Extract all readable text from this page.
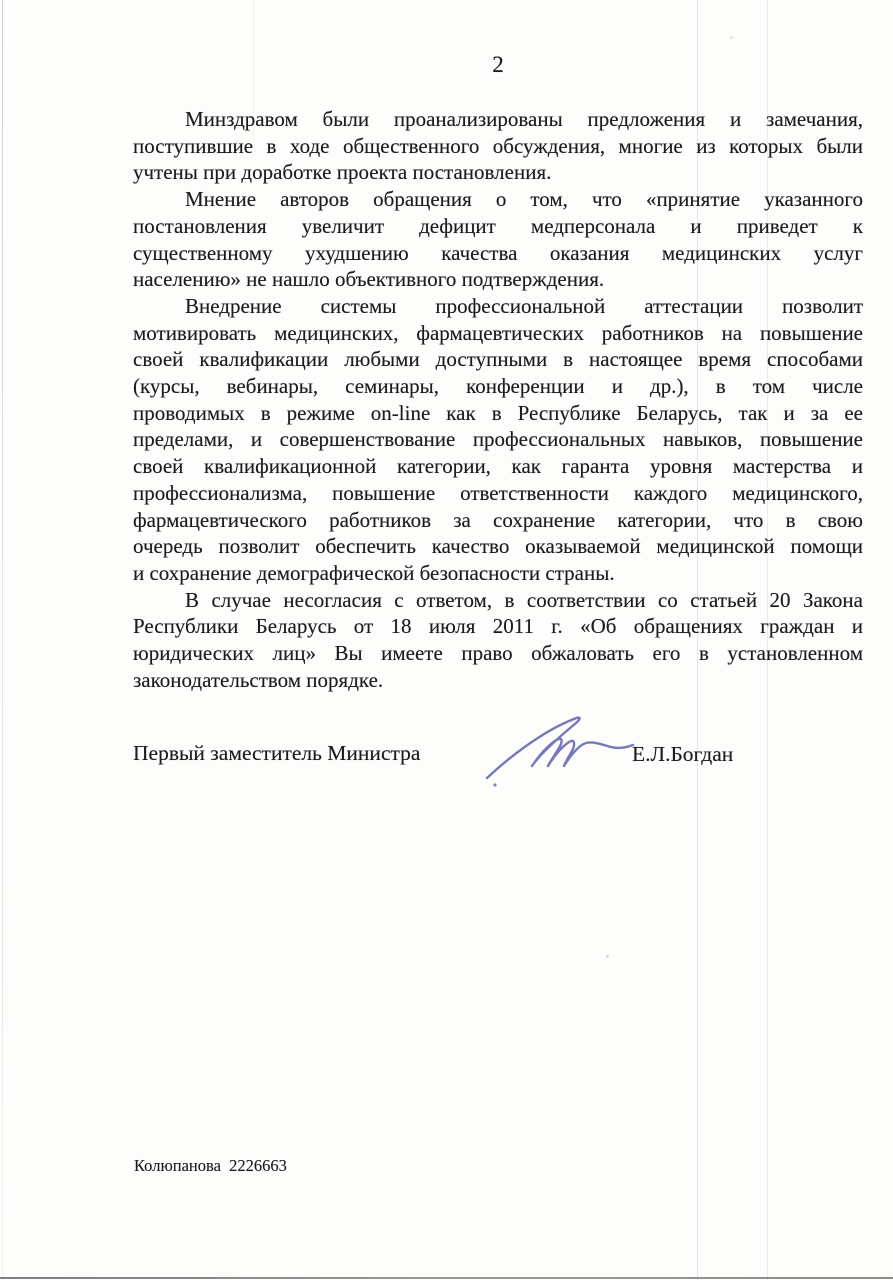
2
Минздравом были проанализированы предложения и замечания,
поступившие в ходе общественного обсуждения, многие из которых были
учтены при доработке проекта постановления.
Мнение авторов обращения о том, что «принятие указанного
постановления увеличит дефицит медперсонала и приведет к
существенному ухудшению качества оказания медицинских услуг
населению» не нашло объективного подтверждения.
Внедрение системы профессиональной аттестации позволит
мотивировать медицинских, фармацевтических работников на повышение
своей квалификации любыми доступными в настоящее время способами
(курсы, вебинары, семинары, конференции и др.), в том числе
проводимых в режиме on-line как в Республике Беларусь, так и за ее
пределами, и совершенствование профессиональных навыков, повышение
своей квалификационной категории, как гаранта уровня мастерства и
профессионализма, повышение ответственности каждого медицинского,
фармацевтического работников за сохранение категории, что в свою
очередь позволит обеспечить качество оказываемой медицинской помощи
и сохранение демографической безопасности страны.
В случае несогласия с ответом, в соответствии со статьей 20 Закона
Республики Беларусь от 18 июля 2011 г. «Об обращениях граждан и
юридических лиц» Вы имеете право обжаловать его в установленном
законодательством порядке.
Первый заместитель Министра	Е.Л.Богдан
Колюпанова  2226663
